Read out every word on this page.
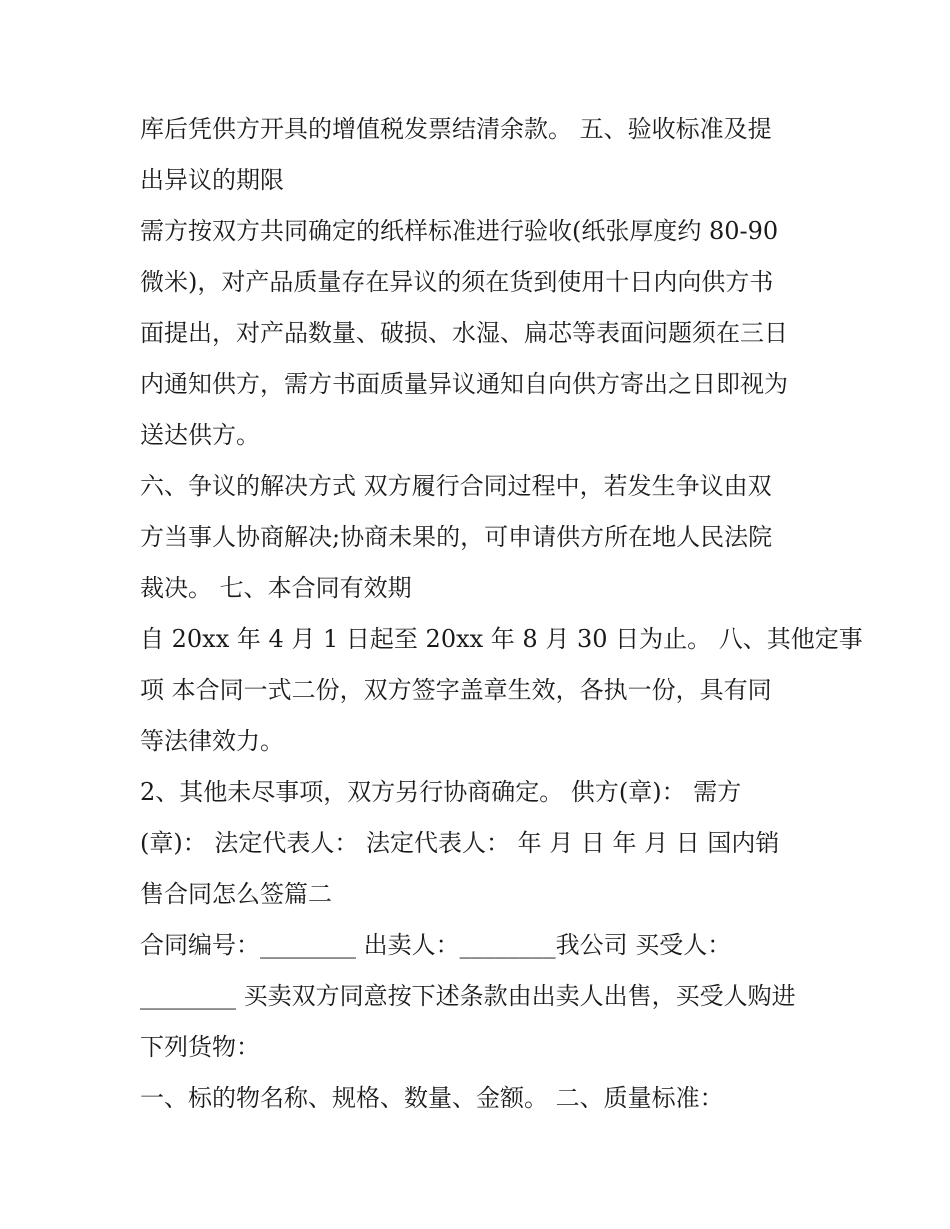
库后凭供方开具的增值税发票结清余款。 五、验收标准及提
出异议的期限
需方按双方共同确定的纸样标准进行验收(纸张厚度约 80-90
微米)，对产品质量存在异议的须在货到使用十日内向供方书
面提出，对产品数量、破损、水湿、扁芯等表面问题须在三日
内通知供方，需方书面质量异议通知自向供方寄出之日即视为
送达供方。
六、争议的解决方式 双方履行合同过程中，若发生争议由双
方当事人协商解决;协商未果的，可申请供方所在地人民法院
裁决。 七、本合同有效期
自 20xx 年 4 月 1 日起至 20xx 年 8 月 30 日为止。 八、其他定事
项 本合同一式二份，双方签字盖章生效，各执一份，具有同
等法律效力。
2、其他未尽事项，双方另行协商确定。 供方(章)： 需方
(章)： 法定代表人： 法定代表人： 年 月 日 年 月 日 国内销
售合同怎么签篇二
合同编号：________ 出卖人：________我公司 买受人：
________ 买卖双方同意按下述条款由出卖人出售，买受人购进
下列货物：
一、标的物名称、规格、数量、金额。 二、质量标准：
